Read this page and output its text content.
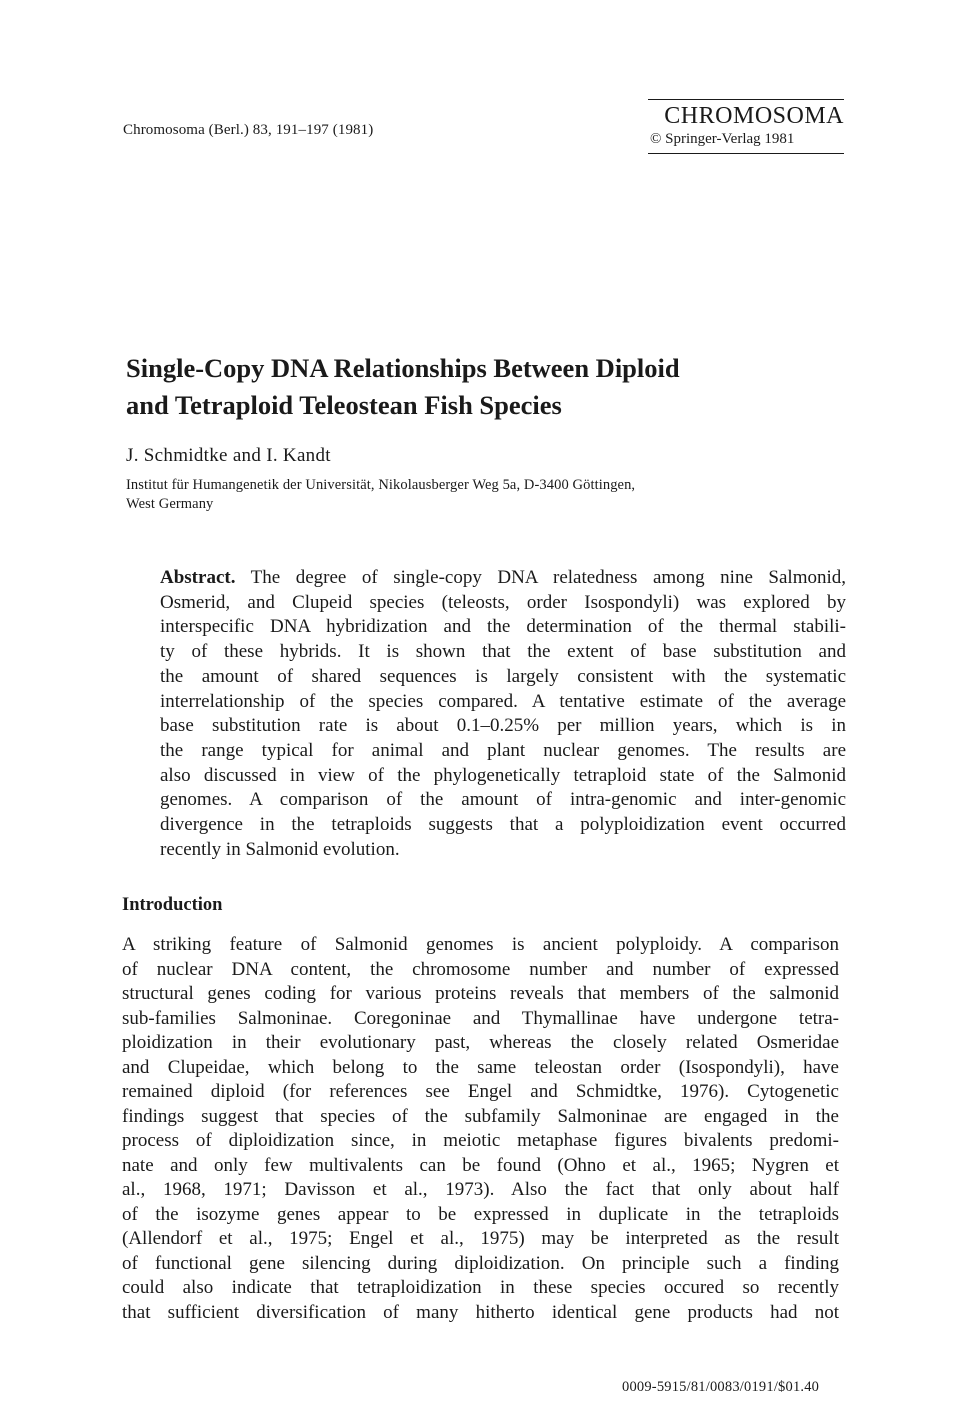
Chromosoma (Berl.) 83, 191–197 (1981)
CHROMOSOMA
© Springer-Verlag 1981
Single-Copy DNA Relationships Between Diploid
and Tetraploid Teleostean Fish Species
J. Schmidtke and I. Kandt
Institut für Humangenetik der Universität, Nikolausberger Weg 5a, D-3400 Göttingen,
West Germany
Abstract. The degree of single-copy DNA relatedness among nine Salmonid,
Osmerid, and Clupeid species (teleosts, order Isospondyli) was explored by
interspecific DNA hybridization and the determination of the thermal stabili-
ty of these hybrids. It is shown that the extent of base substitution and
the amount of shared sequences is largely consistent with the systematic
interrelationship of the species compared. A tentative estimate of the average
base substitution rate is about 0.1–0.25% per million years, which is in
the range typical for animal and plant nuclear genomes. The results are
also discussed in view of the phylogenetically tetraploid state of the Salmonid
genomes. A comparison of the amount of intra-genomic and inter-genomic
divergence in the tetraploids suggests that a polyploidization event occurred
recently in Salmonid evolution.
Introduction
A striking feature of Salmonid genomes is ancient polyploidy. A comparison
of nuclear DNA content, the chromosome number and number of expressed
structural genes coding for various proteins reveals that members of the salmonid
sub-families Salmoninae. Coregoninae and Thymallinae have undergone tetra-
ploidization in their evolutionary past, whereas the closely related Osmeridae
and Clupeidae, which belong to the same teleostan order (Isospondyli), have
remained diploid (for references see Engel and Schmidtke, 1976). Cytogenetic
findings suggest that species of the subfamily Salmoninae are engaged in the
process of diploidization since, in meiotic metaphase figures bivalents predomi-
nate and only few multivalents can be found (Ohno et al., 1965; Nygren et
al., 1968, 1971; Davisson et al., 1973). Also the fact that only about half
of the isozyme genes appear to be expressed in duplicate in the tetraploids
(Allendorf et al., 1975; Engel et al., 1975) may be interpreted as the result
of functional gene silencing during diploidization. On principle such a finding
could also indicate that tetraploidization in these species occured so recently
that sufficient diversification of many hitherto identical gene products had not
0009-5915/81/0083/0191/$01.40
